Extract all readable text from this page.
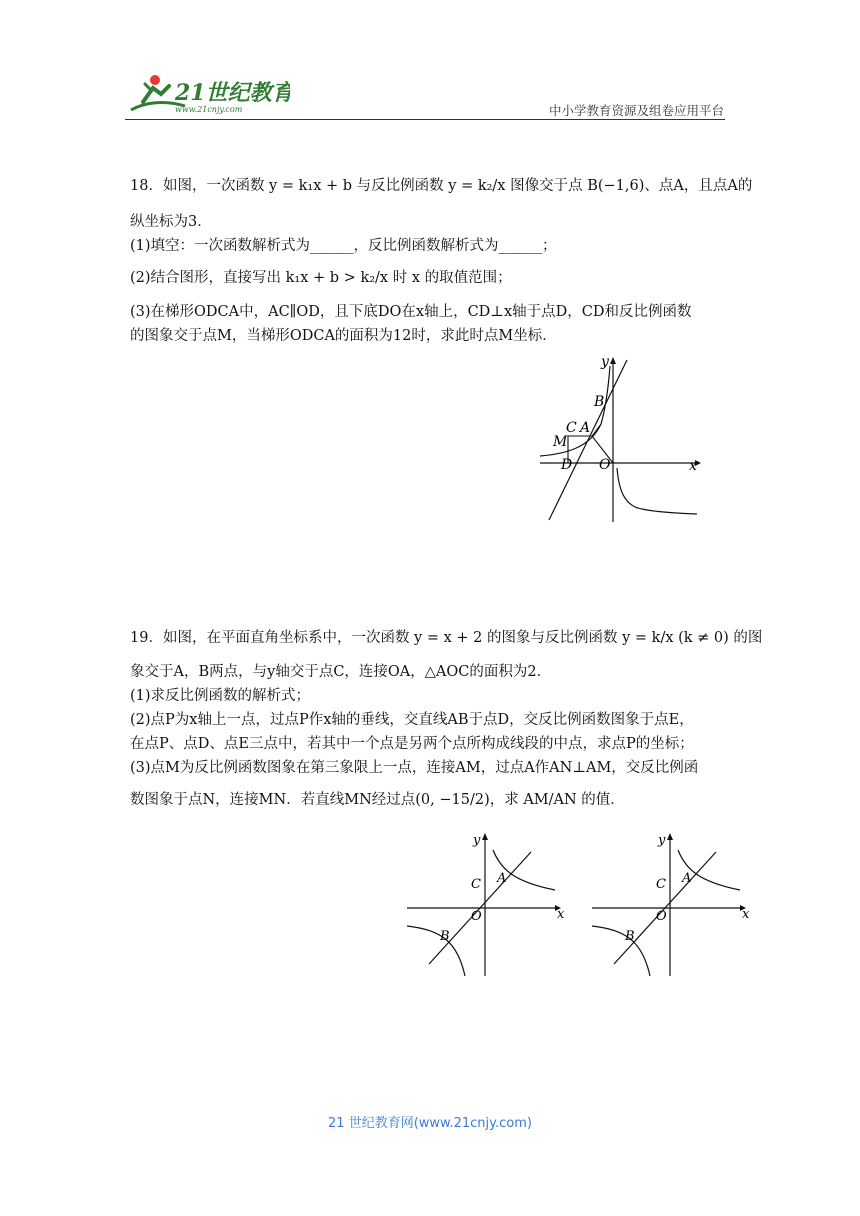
21世纪教育
www.21cnjy.com	中小学教育资源及组卷应用平台
18．如图，一次函数 y = k₁x + b 与反比例函数 y = k₂/x 图像交于点 B(−1,6)、点A，且点A的
纵坐标为3．
(1)填空：一次函数解析式为______，反比例函数解析式为______；
(2)结合图形，直接写出 k₁x + b > k₂/x 时 x 的取值范围；
(3)在梯形ODCA中，AC∥OD，且下底DO在x轴上，CD⊥x轴于点D，CD和反比例函数
的图象交于点M，当梯形ODCA的面积为12时，求此时点M坐标．
y
x
B
C A
M
D O
19．如图，在平面直角坐标系中，一次函数 y = x + 2 的图象与反比例函数 y = k/x (k ≠ 0) 的图
象交于A，B两点，与y轴交于点C，连接OA，△AOC的面积为2．
(1)求反比例函数的解析式；
(2)点P为x轴上一点，过点P作x轴的垂线，交直线AB于点D，交反比例函数图象于点E，
在点P、点D、点E三点中，若其中一个点是另两个点所构成线段的中点，求点P的坐标；
(3)点M为反比例函数图象在第三象限上一点，连接AM，过点A作AN⊥AM，交反比例函
数图象于点N，连接MN．若直线MN经过点(0, −15/2)，求 AM/AN 的值．
y
x
C A
O
B
y
x
C A
O
B
21 世纪教育网(www.21cnjy.com)
